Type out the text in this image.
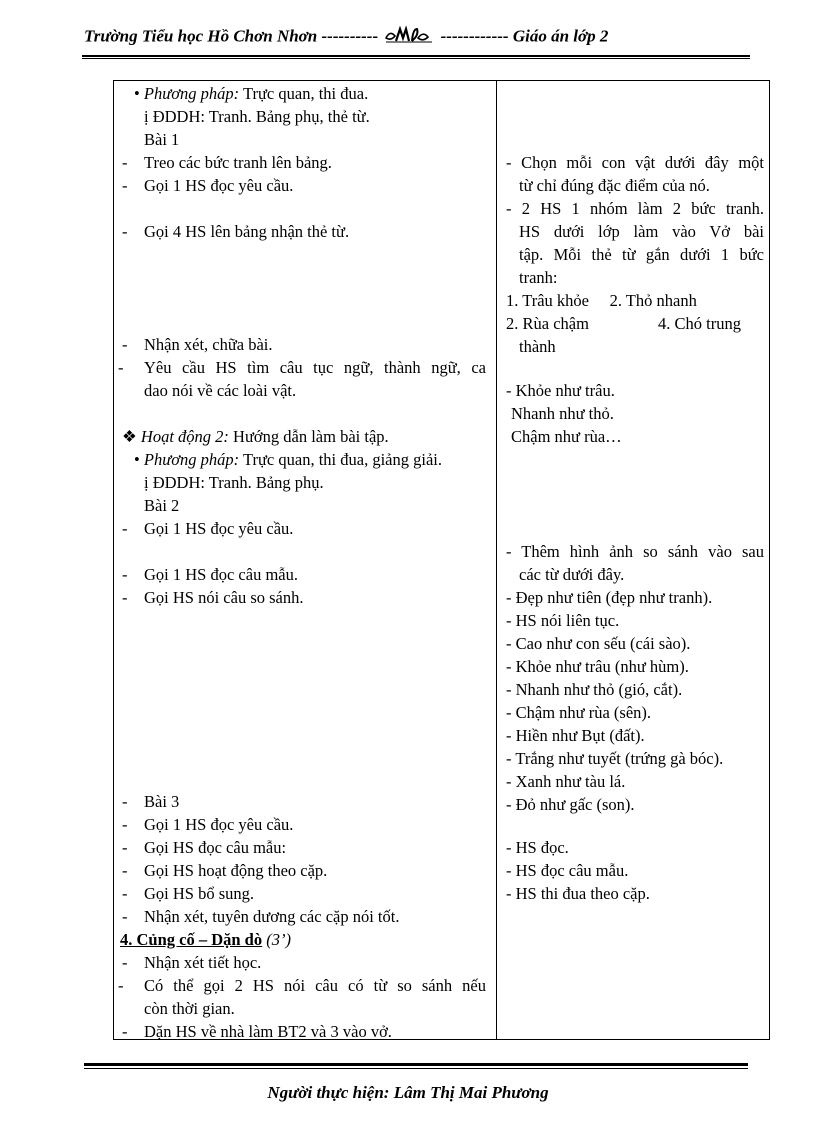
Trường Tiểu học Hồ Chơn Nhơn ----------	------------ Giáo án lớp 2
• Phương pháp: Trực quan, thi đua.
ị ĐDDH: Tranh. Bảng phụ, thẻ từ.
Bài 1
- Treo các bức tranh lên bảng.
- Gọi 1 HS đọc yêu cầu.
- Gọi 4 HS lên bảng nhận thẻ từ.
- Nhận xét, chữa bài.
Yêu cầu HS tìm câu tục ngữ, thành ngữ, ca
-
dao nói về các loài vật.
❖ Hoạt động 2: Hướng dẫn làm bài tập.
• Phương pháp: Trực quan, thi đua, giảng giải.
ị ĐDDH: Tranh. Bảng phụ.
Bài 2
- Gọi 1 HS đọc yêu cầu.
- Gọi 1 HS đọc câu mẫu.
- Gọi HS nói câu so sánh.
- Bài 3
- Gọi 1 HS đọc yêu cầu.
- Gọi HS đọc câu mẫu:
- Gọi HS hoạt động theo cặp.
- Gọi HS bổ sung.
- Nhận xét, tuyên dương các cặp nói tốt.
4. Củng cố – Dặn dò (3’)
- Nhận xét tiết học.
Có thể gọi 2 HS nói câu có từ so sánh nếu
-
còn thời gian.
- Dặn HS về nhà làm BT2 và 3 vào vở.
- Chọn mỗi con vật dưới đây một
từ chỉ đúng đặc điểm của nó.
- 2 HS 1 nhóm làm 2 bức tranh.
HS dưới lớp làm vào Vở bài
tập. Mỗi thẻ từ gắn dưới 1 bức
tranh:
1. Trâu khỏe     2. Thỏ nhanh
2. Rùa chậm	4. Chó trung
thành
- Khỏe như trâu.
Nhanh như thỏ.
Chậm như rùa…
- Thêm hình ảnh so sánh vào sau
các từ dưới đây.
- Đẹp như tiên (đẹp như tranh).
- HS nói liên tục.
- Cao như con sếu (cái sào).
- Khỏe như trâu (như hùm).
- Nhanh như thỏ (gió, cắt).
- Chậm như rùa (sên).
- Hiền như Bụt (đất).
- Trắng như tuyết (trứng gà bóc).
- Xanh như tàu lá.
- Đỏ như gấc (son).
- HS đọc.
- HS đọc câu mẫu.
- HS thi đua theo cặp.
Người thực hiện: Lâm Thị Mai Phương
